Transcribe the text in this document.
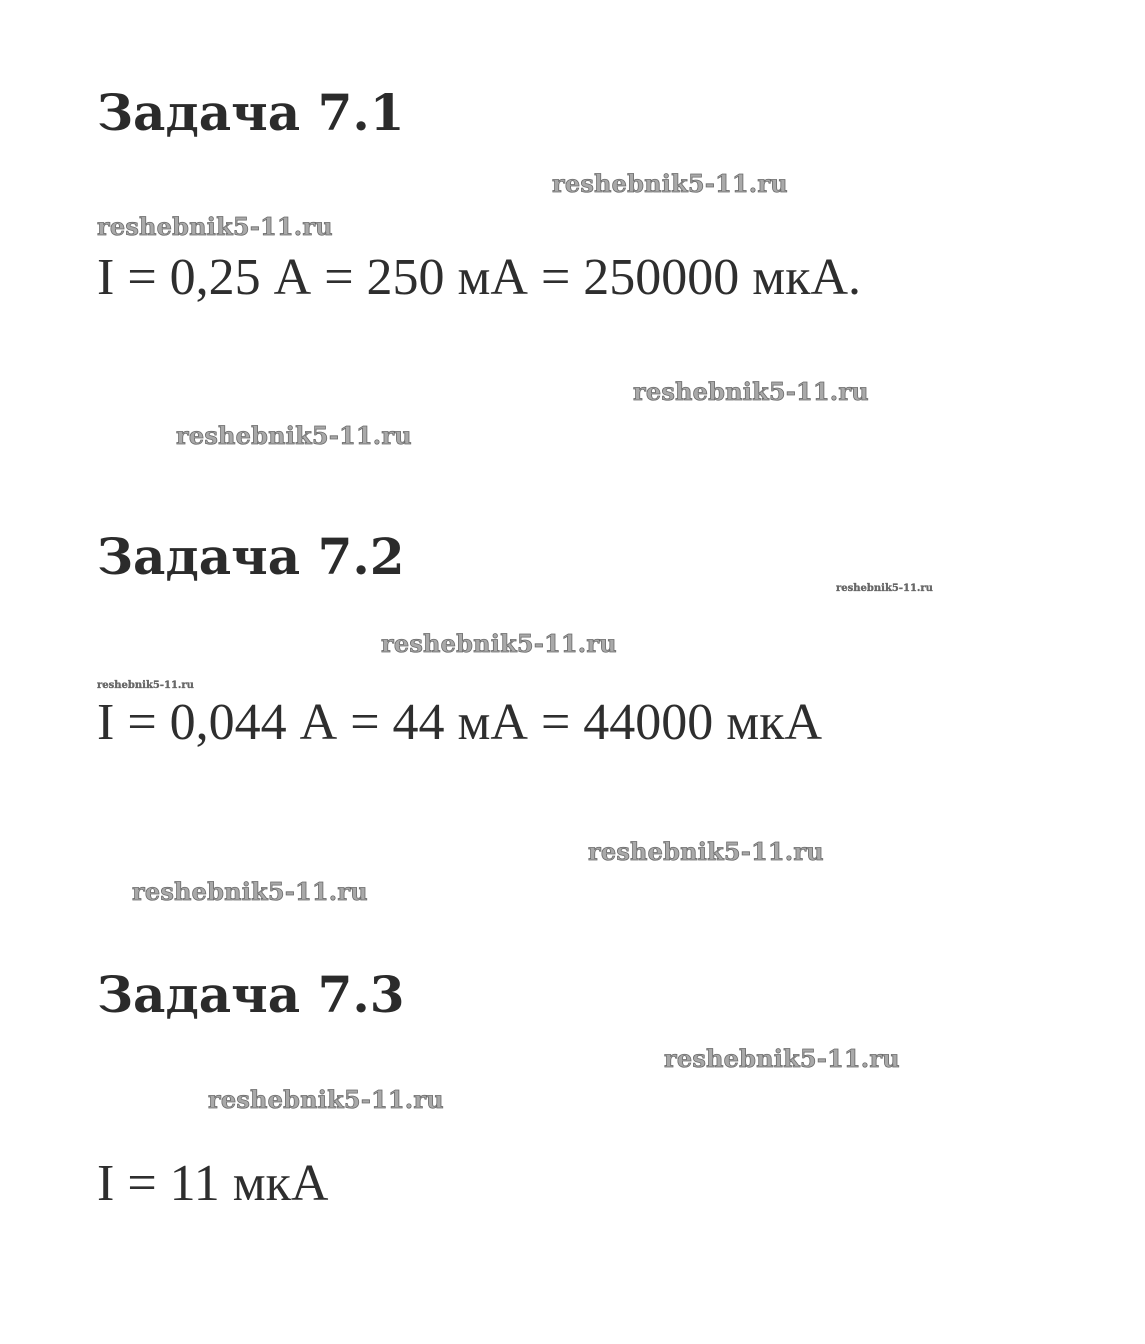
Задача 7.1
reshebnik5-11.ru
reshebnik5-11.ru
I = 0,25 А = 250 мА = 250000 мкА.
reshebnik5-11.ru
reshebnik5-11.ru
Задача 7.2
reshebnik5-11.ru
reshebnik5-11.ru
reshebnik5-11.ru
I = 0,044 А = 44 мА = 44000 мкА
reshebnik5-11.ru
reshebnik5-11.ru
Задача 7.3
reshebnik5-11.ru
reshebnik5-11.ru
I = 11 мкА
